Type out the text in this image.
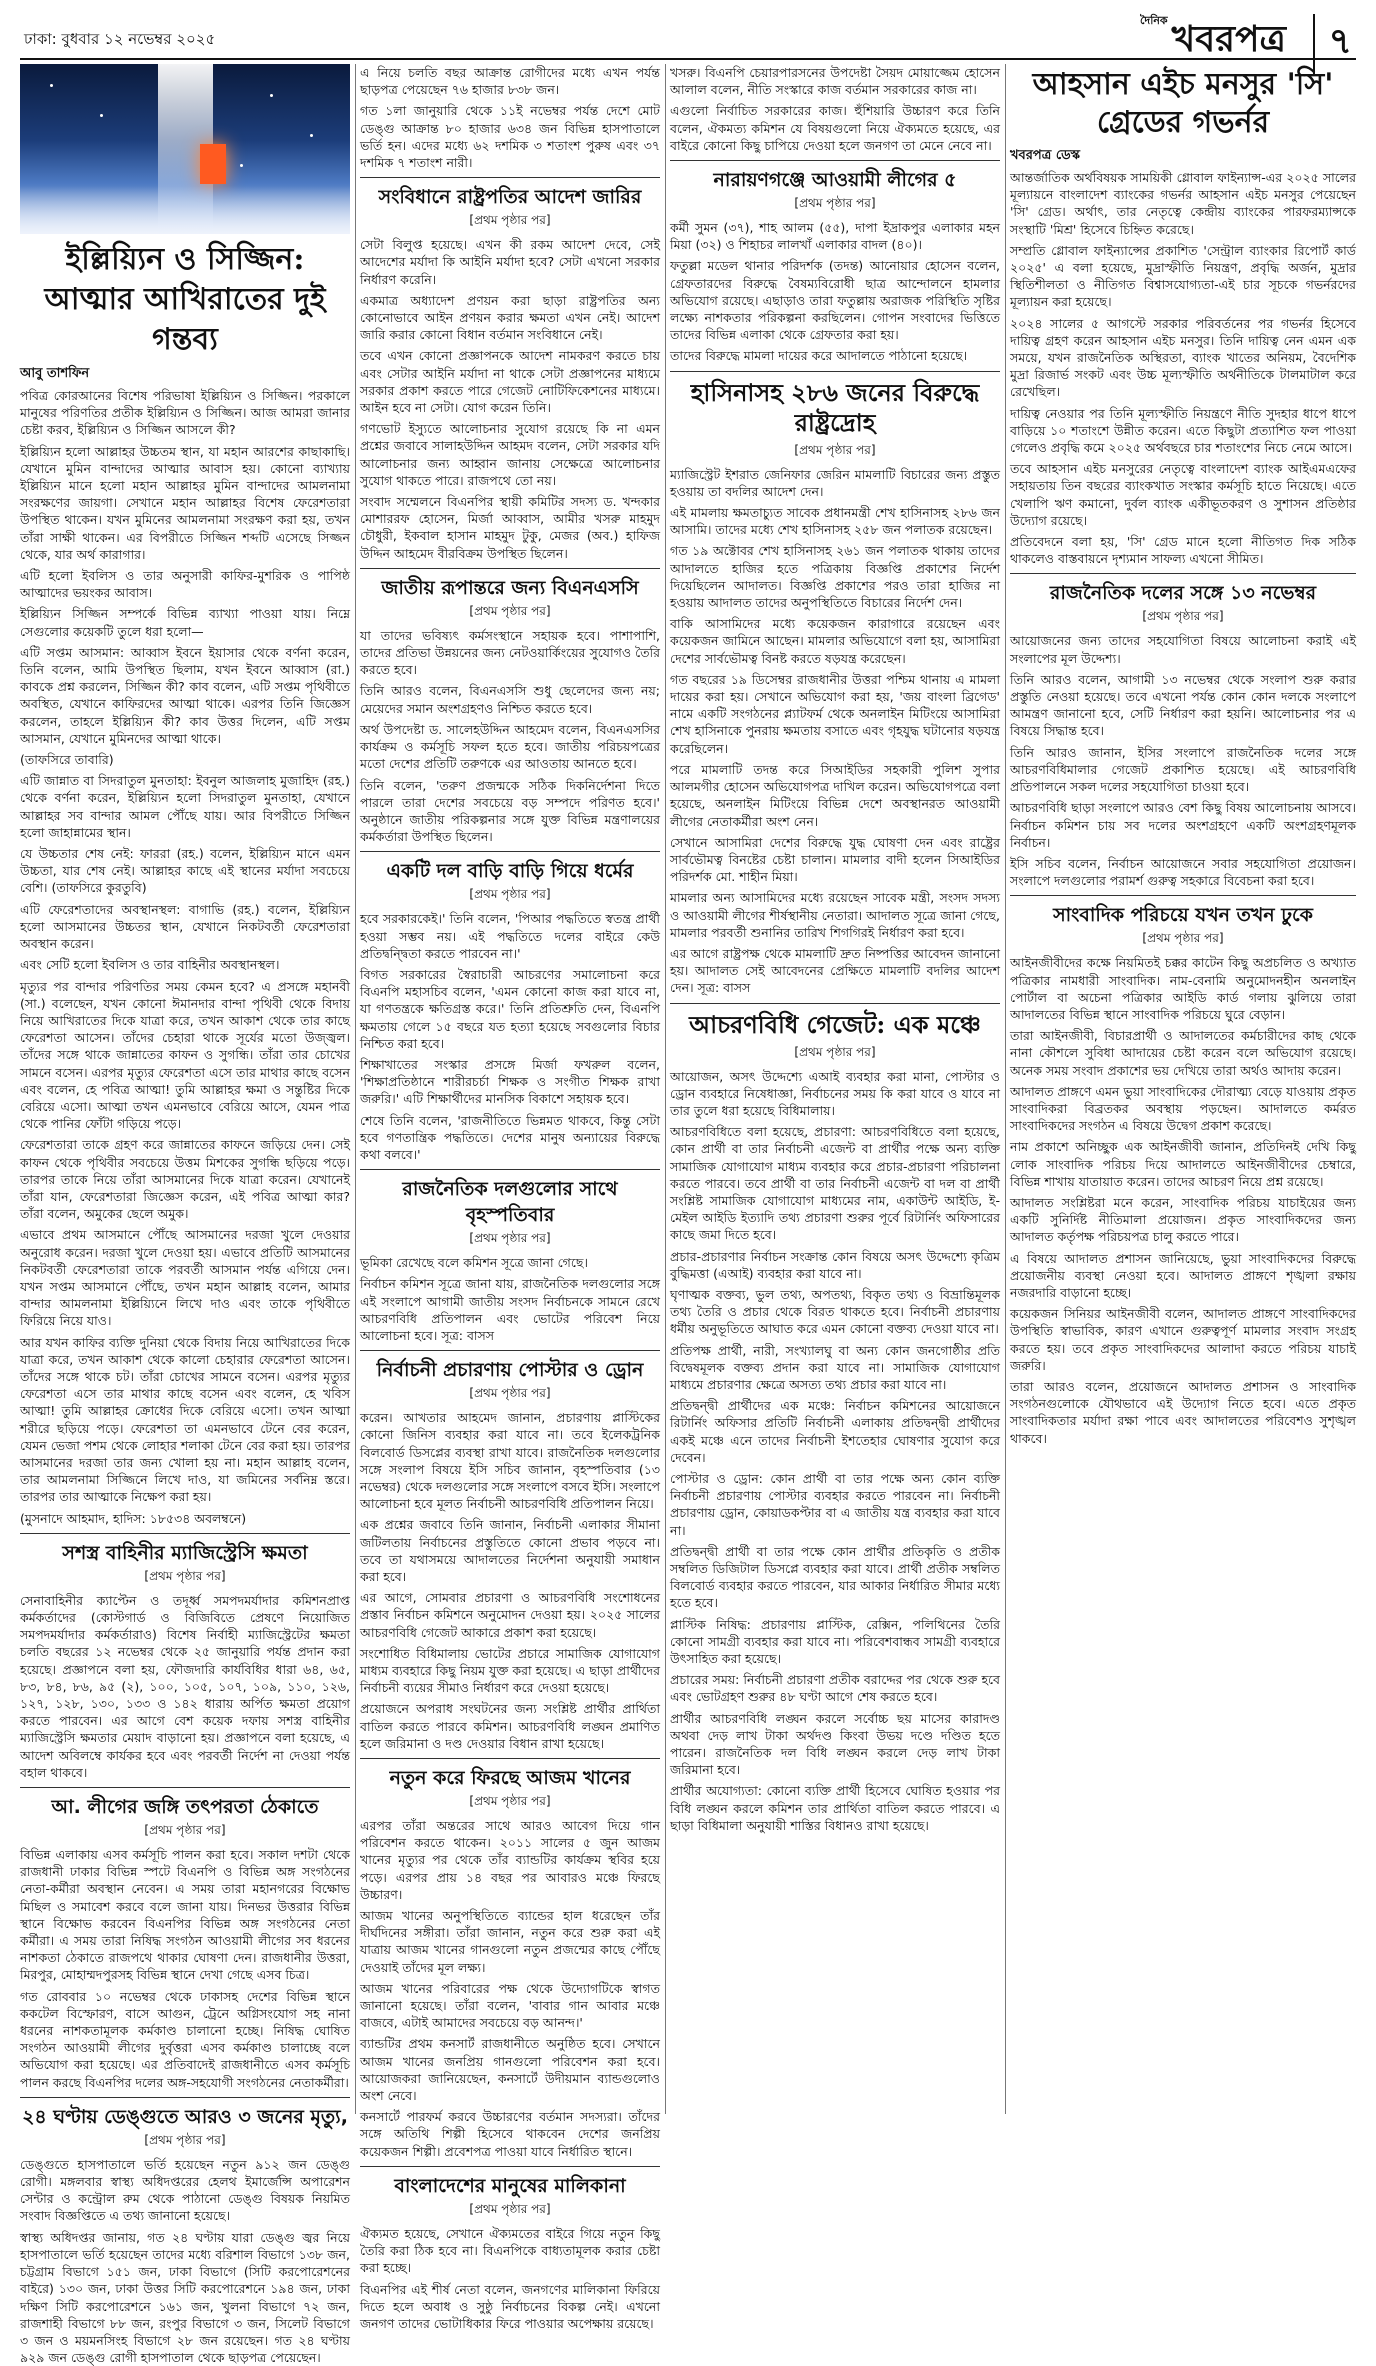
ঢাকা: বুধবার ১২ নভেম্বর ২০২৫
$^{দৈনিক}$ খবরপত্র	৭
ইল্লিয়্যিন ও সিজ্জিন: আত্মার আখিরাতের দুই গন্তব্য
আবু তাশফিন

পবিত্র কোরআনের বিশেষ পরিভাষা ইল্লিয়্যিন ও সিজ্জিন। পরকালে মানুষের পরিণতির প্রতীক ইল্লিয়্যিন ও সিজ্জিন। আজ আমরা জানার চেষ্টা করব, ইল্লিয়্যিন ও সিজ্জিন আসলে কী?

ইল্লিয়্যিন হলো আল্লাহর উচ্চতম স্থান, যা মহান আরশের কাছাকাছি। যেখানে মুমিন বান্দাদের আত্মার আবাস হয়। কোনো ব্যাখ্যায় ইল্লিয়্যিন মানে হলো মহান আল্লাহর মুমিন বান্দাদের আমলনামা সংরক্ষণের জায়গা। সেখানে মহান আল্লাহর বিশেষ ফেরেশতারা উপস্থিত থাকেন। যখন মুমিনের আমলনামা সংরক্ষণ করা হয়, তখন তাঁরা সাক্ষী থাকেন। এর বিপরীতে সিজ্জিন শব্দটি এসেছে সিজ্জন থেকে, যার অর্থ কারাগার।

এটি হলো ইবলিস ও তার অনুসারী কাফির-মুশরিক ও পাপিষ্ঠ আত্মাদের ভয়ংকর আবাস।

ইল্লিয়্যিন সিজ্জিন সম্পর্কে বিভিন্ন ব্যাখ্যা পাওয়া যায়। নিম্নে সেগুলোর কয়েকটি তুলে ধরা হলো—

এটি সপ্তম আসমান: আব্বাস ইবনে ইয়াসার থেকে বর্ণনা করেন, তিনি বলেন, আমি উপস্থিত ছিলাম, যখন ইবনে আব্বাস (রা.) কাবকে প্রশ্ন করলেন, সিজ্জিন কী? কাব বলেন, এটি সপ্তম পৃথিবীতে অবস্থিত, যেখানে কাফিরদের আত্মা থাকে। এরপর তিনি জিজ্ঞেস করলেন, তাহলে ইল্লিয়্যিন কী? কাব উত্তর দিলেন, এটি সপ্তম আসমান, যেখানে মুমিনদের আত্মা থাকে।

(তাফসিরে তাবারি)

এটি জান্নাত বা সিদরাতুল মুনতাহা: ইবনুল আজলাহ মুজাহিদ (রহ.) থেকে বর্ণনা করেন, ইল্লিয়্যিন হলো সিদরাতুল মুনতাহা, যেখানে আল্লাহর সব বান্দার আমল পৌঁছে যায়। আর বিপরীতে সিজ্জিন হলো জাহান্নামের স্থান।

যে উচ্চতার শেষ নেই: ফাররা (রহ.) বলেন, ইল্লিয়্যিন মানে এমন উচ্চতা, যার শেষ নেই। আল্লাহর কাছে এই স্থানের মর্যাদা সবচেয়ে বেশি। (তাফসিরে কুরতুবি)

এটি ফেরেশতাদের অবস্থানস্থল: বাগাভি (রহ.) বলেন, ইল্লিয়্যিন হলো আসমানের উচ্চতর স্থান, যেখানে নিকটবর্তী ফেরেশতারা অবস্থান করেন।

এবং সেটি হলো ইবলিস ও তার বাহিনীর অবস্থানস্থল।

মৃত্যুর পর বান্দার পরিণতির সময় কেমন হবে? এ প্রসঙ্গে মহানবী (সা.) বলেছেন, যখন কোনো ঈমানদার বান্দা পৃথিবী থেকে বিদায় নিয়ে আখিরাতের দিকে যাত্রা করে, তখন আকাশ থেকে তার কাছে ফেরেশতা আসেন। তাঁদের চেহারা থাকে সূর্যের মতো উজ্জ্বল। তাঁদের সঙ্গে থাকে জান্নাতের কাফন ও সুগন্ধি। তাঁরা তার চোখের সামনে বসেন। এরপর মৃত্যুর ফেরেশতা এসে তার মাথার কাছে বসেন এবং বলেন, হে পবিত্র আত্মা! তুমি আল্লাহর ক্ষমা ও সন্তুষ্টির দিকে বেরিয়ে এসো। আত্মা তখন এমনভাবে বেরিয়ে আসে, যেমন পাত্র থেকে পানির ফোঁটা গড়িয়ে পড়ে।

ফেরেশতারা তাকে গ্রহণ করে জান্নাতের কাফনে জড়িয়ে দেন। সেই কাফন থেকে পৃথিবীর সবচেয়ে উত্তম মিশকের সুগন্ধি ছড়িয়ে পড়ে। তারপর তাকে নিয়ে তাঁরা আসমানের দিকে যাত্রা করেন। যেখানেই তাঁরা যান, ফেরেশতারা জিজ্ঞেস করেন, এই পবিত্র আত্মা কার? তাঁরা বলেন, অমুকের ছেলে অমুক।

এভাবে প্রথম আসমানে পৌঁছে আসমানের দরজা খুলে দেওয়ার অনুরোধ করেন। দরজা খুলে দেওয়া হয়। এভাবে প্রতিটি আসমানের নিকটবর্তী ফেরেশতারা তাকে পরবর্তী আসমান পর্যন্ত এগিয়ে দেন। যখন সপ্তম আসমানে পৌঁছে, তখন মহান আল্লাহ বলেন, আমার বান্দার আমলনামা ইল্লিয়্যিনে লিখে দাও এবং তাকে পৃথিবীতে ফিরিয়ে নিয়ে যাও।

আর যখন কাফির ব্যক্তি দুনিয়া থেকে বিদায় নিয়ে আখিরাতের দিকে যাত্রা করে, তখন আকাশ থেকে কালো চেহারার ফেরেশতা আসেন। তাঁদের সঙ্গে থাকে চট। তাঁরা চোখের সামনে বসেন। এরপর মৃত্যুর ফেরেশতা এসে তার মাথার কাছে বসেন এবং বলেন, হে খবিস আত্মা! তুমি আল্লাহর ক্রোধের দিকে বেরিয়ে এসো। তখন আত্মা শরীরে ছড়িয়ে পড়ে। ফেরেশতা তা এমনভাবে টেনে বের করেন, যেমন ভেজা পশম থেকে লোহার শলাকা টেনে বের করা হয়। তারপর আসমানের দরজা তার জন্য খোলা হয় না। মহান আল্লাহ বলেন, তার আমলনামা সিজ্জিনে লিখে দাও, যা জমিনের সর্বনিম্ন স্তরে। তারপর তার আত্মাকে নিক্ষেপ করা হয়।

(মুসনাদে আহমাদ, হাদিস: ১৮৫৩৪ অবলম্বনে)

সশস্ত্র বাহিনীর ম্যাজিস্ট্রেসি ক্ষমতা
[প্রথম পৃষ্ঠার পর]

সেনাবাহিনীর ক্যাপ্টেন ও তদূর্ধ্ব সমপদমর্যাদার কমিশনপ্রাপ্ত কর্মকর্তাদের (কোস্টগার্ড ও বিজিবিতে প্রেষণে নিয়োজিত সমপদমর্যাদার কর্মকর্তারাও) বিশেষ নির্বাহী ম্যাজিস্ট্রেটের ক্ষমতা চলতি বছরের ১২ নভেম্বর থেকে ২৫ জানুয়ারি পর্যন্ত প্রদান করা হয়েছে। প্রজ্ঞাপনে বলা হয়, ফৌজদারি কার্যবিধির ধারা ৬৪, ৬৫, ৮৩, ৮৪, ৮৬, ৯৫ (২), ১০০, ১০৫, ১০৭, ১০৯, ১১০, ১২৬, ১২৭, ১২৮, ১৩০, ১৩৩ ও ১৪২ ধারায় অর্পিত ক্ষমতা প্রয়োগ করতে পারবেন। এর আগে বেশ কয়েক দফায় সশস্ত্র বাহিনীর ম্যাজিস্ট্রেসি ক্ষমতার মেয়াদ বাড়ানো হয়। প্রজ্ঞাপনে বলা হয়েছে, এ আদেশ অবিলম্বে কার্যকর হবে এবং পরবর্তী নির্দেশ না দেওয়া পর্যন্ত বহাল থাকবে।

আ. লীগের জঙ্গি তৎপরতা ঠেকাতে
[প্রথম পৃষ্ঠার পর]

বিভিন্ন এলাকায় এসব কর্মসূচি পালন করা হবে। সকাল দশটা থেকে রাজধানী ঢাকার বিভিন্ন স্পটে বিএনপি ও বিভিন্ন অঙ্গ সংগঠনের নেতা-কর্মীরা অবস্থান নেবেন। এ সময় তারা মহানগরের বিক্ষোভ মিছিল ও সমাবেশ করবে বলে জানা যায়। দিনভর উত্তরার বিভিন্ন স্থানে বিক্ষোভ করবেন বিএনপির বিভিন্ন অঙ্গ সংগঠনের নেতা কর্মীরা। এ সময় তারা নিষিদ্ধ সংগঠন আওয়ামী লীগের সব ধরনের নাশকতা ঠেকাতে রাজপথে থাকার ঘোষণা দেন। রাজধানীর উত্তরা, মিরপুর, মোহাম্মদপুরসহ বিভিন্ন স্থানে দেখা গেছে এসব চিত্র।

গত রোববার ১০ নভেম্বর থেকে ঢাকাসহ দেশের বিভিন্ন স্থানে ককটেল বিস্ফোরণ, বাসে আগুন, ট্রেনে অগ্নিসংযোগ সহ নানা ধরনের নাশকতামূলক কর্মকাণ্ড চালানো হচ্ছে। নিষিদ্ধ ঘোষিত সংগঠন আওয়ামী লীগের দুর্বৃত্তরা এসব কর্মকাণ্ড চালাচ্ছে বলে অভিযোগ করা হয়েছে। এর প্রতিবাদেই রাজধানীতে এসব কর্মসূচি পালন করছে বিএনপির দলের অঙ্গ-সহযোগী সংগঠনের নেতাকর্মীরা।

২৪ ঘণ্টায় ডেঙ্গুতে আরও ৩ জনের মৃত্যু,
[প্রথম পৃষ্ঠার পর]

ডেঙ্গুতে হাসপাতালে ভর্তি হয়েছেন নতুন ৯১২ জন ডেঙ্গু রোগী। মঙ্গলবার স্বাস্থ্য অধিদপ্তরের হেলথ ইমার্জেন্সি অপারেশন সেন্টার ও কন্ট্রোল রুম থেকে পাঠানো ডেঙ্গু বিষয়ক নিয়মিত সংবাদ বিজ্ঞপ্তিতে এ তথ্য জানানো হয়েছে।

স্বাস্থ্য অধিদপ্তর জানায়, গত ২৪ ঘণ্টায় যারা ডেঙ্গু জ্বর নিয়ে হাসপাতালে ভর্তি হয়েছেন তাদের মধ্যে বরিশাল বিভাগে ১৩৮ জন, চট্টগ্রাম বিভাগে ১৫১ জন, ঢাকা বিভাগে (সিটি করপোরেশনের বাইরে) ১৩০ জন, ঢাকা উত্তর সিটি করপোরেশনে ১৯৪ জন, ঢাকা দক্ষিণ সিটি করপোরেশনে ১৬১ জন, খুলনা বিভাগে ৭২ জন, রাজশাহী বিভাগে ৮৮ জন, রংপুর বিভাগে ৩ জন, সিলেট বিভাগে ৩ জন ও ময়মনসিংহ বিভাগে ২৮ জন রয়েছেন। গত ২৪ ঘণ্টায় ৯২৯ জন ডেঙ্গু রোগী হাসপাতাল থেকে ছাড়পত্র পেয়েছেন।

এ নিয়ে চলতি বছর আক্রান্ত রোগীদের মধ্যে এখন পর্যন্ত ছাড়পত্র পেয়েছেন ৭৬ হাজার ৮৩৮ জন।

গত ১লা জানুয়ারি থেকে ১১ই নভেম্বর পর্যন্ত দেশে মোট ডেঙ্গু আক্রান্ত ৮০ হাজার ৬৩৪ জন বিভিন্ন হাসপাতালে ভর্তি হন। এদের মধ্যে ৬২ দশমিক ৩ শতাংশ পুরুষ এবং ৩৭ দশমিক ৭ শতাংশ নারী।

সংবিধানে রাষ্ট্রপতির আদেশ জারির
[প্রথম পৃষ্ঠার পর]

সেটা বিলুপ্ত হয়েছে। এখন কী রকম আদেশ দেবে, সেই আদেশের মর্যাদা কি আইনি মর্যাদা হবে? সেটা এখনো সরকার নির্ধারণ করেনি।

একমাত্র অধ্যাদেশ প্রণয়ন করা ছাড়া রাষ্ট্রপতির অন্য কোনোভাবে আইন প্রণয়ন করার ক্ষমতা এখন নেই। আদেশ জারি করার কোনো বিধান বর্তমান সংবিধানে নেই।

তবে এখন কোনো প্রজ্ঞাপনকে আদেশ নামকরণ করতে চায় এবং সেটার আইনি মর্যাদা না থাকে সেটা প্রজ্ঞাপনের মাধ্যমে সরকার প্রকাশ করতে পারে গেজেট নোটিফিকেশনের মাধ্যমে। আইন হবে না সেটা। যোগ করেন তিনি।

গণভোট ইস্যুতে আলোচনার সুযোগ রয়েছে কি না এমন প্রশ্নের জবাবে সালাহউদ্দিন আহমদ বলেন, সেটা সরকার যদি আলোচনার জন্য আহ্বান জানায় সেক্ষেত্রে আলোচনার সুযোগ থাকতে পারে। রাজপথে তো নয়।

সংবাদ সম্মেলনে বিএনপির স্থায়ী কমিটির সদস্য ড. খন্দকার মোশাররফ হোসেন, মির্জা আব্বাস, আমীর খসরু মাহমুদ চৌধুরী, ইকবাল হাসান মাহমুদ টুকু, মেজর (অব.) হাফিজ উদ্দিন আহমেদ বীরবিক্রম উপস্থিত ছিলেন।

জাতীয় রূপান্তরে জন্য বিএনএসসি
[প্রথম পৃষ্ঠার পর]

যা তাদের ভবিষ্যৎ কর্মসংস্থানে সহায়ক হবে। পাশাপাশি, তাদের প্রতিভা উন্নয়নের জন্য নেটওয়ার্কিংয়ের সুযোগও তৈরি করতে হবে।

তিনি আরও বলেন, বিএনএসসি শুধু ছেলেদের জন্য নয়; মেয়েদের সমান অংশগ্রহণও নিশ্চিত করতে হবে।

অর্থ উপদেষ্টা ড. সালেহউদ্দিন আহমেদ বলেন, বিএনএসসির কার্যক্রম ও কর্মসূচি সফল হতে হবে। জাতীয় পরিচয়পত্রের মতো দেশের প্রতিটি তরুণকে এর আওতায় আনতে হবে।

তিনি বলেন, 'তরুণ প্রজন্মকে সঠিক দিকনির্দেশনা দিতে পারলে তারা দেশের সবচেয়ে বড় সম্পদে পরিণত হবে।' অনুষ্ঠানে জাতীয় পরিকল্পনার সঙ্গে যুক্ত বিভিন্ন মন্ত্রণালয়ের কর্মকর্তারা উপস্থিত ছিলেন।

একটি দল বাড়ি বাড়ি গিয়ে ধর্মের
[প্রথম পৃষ্ঠার পর]

হবে সরকারকেই।' তিনি বলেন, 'পিআর পদ্ধতিতে স্বতন্ত্র প্রার্থী হওয়া সম্ভব নয়। এই পদ্ধতিতে দলের বাইরে কেউ প্রতিদ্বন্দ্বিতা করতে পারবেন না।'

বিগত সরকারের স্বৈরাচারী আচরণের সমালোচনা করে বিএনপি মহাসচিব বলেন, 'এমন কোনো কাজ করা যাবে না, যা গণতন্ত্রকে ক্ষতিগ্রস্ত করে।' তিনি প্রতিশ্রুতি দেন, বিএনপি ক্ষমতায় গেলে ১৫ বছরে যত হত্যা হয়েছে সবগুলোর বিচার নিশ্চিত করা হবে।

শিক্ষাখাতের সংস্কার প্রসঙ্গে মির্জা ফখরুল বলেন, 'শিক্ষাপ্রতিষ্ঠানে শারীরচর্চা শিক্ষক ও সংগীত শিক্ষক রাখা জরুরি।' এটি শিক্ষার্থীদের মানসিক বিকাশে সহায়ক হবে।

শেষে তিনি বলেন, 'রাজনীতিতে ভিন্নমত থাকবে, কিন্তু সেটা হবে গণতান্ত্রিক পদ্ধতিতে। দেশের মানুষ অন্যায়ের বিরুদ্ধে কথা বলবে।'

রাজনৈতিক দলগুলোর সাথে বৃহস্পতিবার
[প্রথম পৃষ্ঠার পর]

ভূমিকা রেখেছে বলে কমিশন সূত্রে জানা গেছে।

নির্বাচন কমিশন সূত্রে জানা যায়, রাজনৈতিক দলগুলোর সঙ্গে এই সংলাপে আগামী জাতীয় সংসদ নির্বাচনকে সামনে রেখে আচরণবিধি প্রতিপালন এবং ভোটের পরিবেশ নিয়ে আলোচনা হবে। সূত্র: বাসস

নির্বাচনী প্রচারণায় পোস্টার ও ড্রোন
[প্রথম পৃষ্ঠার পর]

করেন। আখতার আহমেদ জানান, প্রচারণায় প্লাস্টিকের কোনো জিনিস ব্যবহার করা যাবে না। তবে ইলেকট্রনিক বিলবোর্ড ডিসপ্লের ব্যবস্থা রাখা যাবে। রাজনৈতিক দলগুলোর সঙ্গে সংলাপ বিষয়ে ইসি সচিব জানান, বৃহস্পতিবার (১৩ নভেম্বর) থেকে দলগুলোর সঙ্গে সংলাপে বসবে ইসি। সংলাপে আলোচনা হবে মূলত নির্বাচনী আচরণবিধি প্রতিপালন নিয়ে।

এক প্রশ্নের জবাবে তিনি জানান, নির্বাচনী এলাকার সীমানা জটিলতায় নির্বাচনের প্রস্তুতিতে কোনো প্রভাব পড়বে না। তবে তা যথাসময়ে আদালতের নির্দেশনা অনুযায়ী সমাধান করা হবে।

এর আগে, সোমবার প্রচারণা ও আচরণবিধি সংশোধনের প্রস্তাব নির্বাচন কমিশনে অনুমোদন দেওয়া হয়। ২০২৫ সালের আচরণবিধি গেজেট আকারে প্রকাশ করা হয়েছে।

সংশোধিত বিধিমালায় ভোটের প্রচারে সামাজিক যোগাযোগ মাধ্যম ব্যবহারে কিছু নিয়ম যুক্ত করা হয়েছে। এ ছাড়া প্রার্থীদের নির্বাচনী ব্যয়ের সীমাও নির্ধারণ করে দেওয়া হয়েছে।

প্রয়োজনে অপরাধ সংঘটনের জন্য সংশ্লিষ্ট প্রার্থীর প্রার্থিতা বাতিল করতে পারবে কমিশন। আচরণবিধি লঙ্ঘন প্রমাণিত হলে জরিমানা ও দণ্ড দেওয়ার বিধান রাখা হয়েছে।

নতুন করে ফিরছে আজম খানের
[প্রথম পৃষ্ঠার পর]

এরপর তাঁরা অন্তরের সাথে আরও আবেগ দিয়ে গান পরিবেশন করতে থাকেন। ২০১১ সালের ৫ জুন আজম খানের মৃত্যুর পর থেকে তাঁর ব্যান্ডটির কার্যক্রম স্থবির হয়ে পড়ে। এরপর প্রায় ১৪ বছর পর আবারও মঞ্চে ফিরছে উচ্চারণ।

আজম খানের অনুপস্থিতিতে ব্যান্ডের হাল ধরেছেন তাঁর দীর্ঘদিনের সঙ্গীরা। তাঁরা জানান, নতুন করে শুরু করা এই যাত্রায় আজম খানের গানগুলো নতুন প্রজন্মের কাছে পৌঁছে দেওয়াই তাঁদের মূল লক্ষ্য।

আজম খানের পরিবারের পক্ষ থেকে উদ্যোগটিকে স্বাগত জানানো হয়েছে। তাঁরা বলেন, 'বাবার গান আবার মঞ্চে বাজবে, এটাই আমাদের সবচেয়ে বড় আনন্দ।'

ব্যান্ডটির প্রথম কনসার্ট রাজধানীতে অনুষ্ঠিত হবে। সেখানে আজম খানের জনপ্রিয় গানগুলো পরিবেশন করা হবে। আয়োজকরা জানিয়েছেন, কনসার্টে উদীয়মান ব্যান্ডগুলোও অংশ নেবে।

কনসার্টে পারফর্ম করবে উচ্চারণের বর্তমান সদস্যরা। তাঁদের সঙ্গে অতিথি শিল্পী হিসেবে থাকবেন দেশের জনপ্রিয় কয়েকজন শিল্পী। প্রবেশপত্র পাওয়া যাবে নির্ধারিত স্থানে।

বাংলাদেশের মানুষের মালিকানা
[প্রথম পৃষ্ঠার পর]

ঐক্যমত হয়েছে, সেখানে ঐক্যমতের বাইরে গিয়ে নতুন কিছু তৈরি করা ঠিক হবে না। বিএনপিকে বাধ্যতামূলক করার চেষ্টা করা হচ্ছে।

বিএনপির এই শীর্ষ নেতা বলেন, জনগণের মালিকানা ফিরিয়ে দিতে হলে অবাধ ও সুষ্ঠু নির্বাচনের বিকল্প নেই। এখনো জনগণ তাদের ভোটাধিকার ফিরে পাওয়ার অপেক্ষায় রয়েছে।

খসরু। বিএনপি চেয়ারপারসনের উপদেষ্টা সৈয়দ মোয়াজ্জেম হোসেন আলাল বলেন, নীতি সংস্কারে কাজ বর্তমান সরকারের কাজ না।

এগুলো নির্বাচিত সরকারের কাজ। হুঁশিয়ারি উচ্চারণ করে তিনি বলেন, ঐকমত্য কমিশন যে বিষয়গুলো নিয়ে ঐক্যমতে হয়েছে, এর বাইরে কোনো কিছু চাপিয়ে দেওয়া হলে জনগণ তা মেনে নেবে না।

নারায়ণগঞ্জে আওয়ামী লীগের ৫
[প্রথম পৃষ্ঠার পর]

কর্মী সুমন (৩৭), শাহ আলম (৫৫), দাপা ইদ্রাকপুর এলাকার মহন মিয়া (৩২) ও শিহাচর লালখাঁ এলাকার বাদল (৪০)।

ফতুল্লা মডেল থানার পরিদর্শক (তদন্ত) আনোয়ার হোসেন বলেন, গ্রেফতারদের বিরুদ্ধে বৈষম্যবিরোধী ছাত্র আন্দোলনে হামলার অভিযোগ রয়েছে। এছাড়াও তারা ফতুল্লায় অরাজক পরিস্থিতি সৃষ্টির লক্ষ্যে নাশকতার পরিকল্পনা করছিলেন। গোপন সংবাদের ভিত্তিতে তাদের বিভিন্ন এলাকা থেকে গ্রেফতার করা হয়।

তাদের বিরুদ্ধে মামলা দায়ের করে আদালতে পাঠানো হয়েছে।

হাসিনাসহ ২৮৬ জনের বিরুদ্ধে রাষ্ট্রদ্রোহ
[প্রথম পৃষ্ঠার পর]

ম্যাজিস্ট্রেট ইশরাত জেনিফার জেরিন মামলাটি বিচারের জন্য প্রস্তুত হওয়ায় তা বদলির আদেশ দেন।

এই মামলায় ক্ষমতাচ্যুত সাবেক প্রধানমন্ত্রী শেখ হাসিনাসহ ২৮৬ জন আসামি। তাদের মধ্যে শেখ হাসিনাসহ ২৫৮ জন পলাতক রয়েছেন।

গত ১৯ অক্টোবর শেখ হাসিনাসহ ২৬১ জন পলাতক থাকায় তাদের আদালতে হাজির হতে পত্রিকায় বিজ্ঞপ্তি প্রকাশের নির্দেশ দিয়েছিলেন আদালত। বিজ্ঞপ্তি প্রকাশের পরও তারা হাজির না হওয়ায় আদালত তাদের অনুপস্থিতিতে বিচারের নির্দেশ দেন।

বাকি আসামিদের মধ্যে কয়েকজন কারাগারে রয়েছেন এবং কয়েকজন জামিনে আছেন। মামলার অভিযোগে বলা হয়, আসামিরা দেশের সার্বভৌমত্ব বিনষ্ট করতে ষড়যন্ত্র করেছেন।

গত বছরের ১৯ ডিসেম্বর রাজধানীর উত্তরা পশ্চিম থানায় এ মামলা দায়ের করা হয়। সেখানে অভিযোগ করা হয়, 'জয় বাংলা ব্রিগেড' নামে একটি সংগঠনের প্ল্যাটফর্ম থেকে অনলাইন মিটিংয়ে আসামিরা শেখ হাসিনাকে পুনরায় ক্ষমতায় বসাতে এবং গৃহযুদ্ধ ঘটানোর ষড়যন্ত্র করেছিলেন।

পরে মামলাটি তদন্ত করে সিআইডির সহকারী পুলিশ সুপার আলমগীর হোসেন অভিযোগপত্র দাখিল করেন। অভিযোগপত্রে বলা হয়েছে, অনলাইন মিটিংয়ে বিভিন্ন দেশে অবস্থানরত আওয়ামী লীগের নেতাকর্মীরা অংশ নেন।

সেখানে আসামিরা দেশের বিরুদ্ধে যুদ্ধ ঘোষণা দেন এবং রাষ্ট্রের সার্বভৌমত্ব বিনষ্টের চেষ্টা চালান। মামলার বাদী হলেন সিআইডির পরিদর্শক মো. শাহীন মিয়া।

মামলার অন্য আসামিদের মধ্যে রয়েছেন সাবেক মন্ত্রী, সংসদ সদস্য ও আওয়ামী লীগের শীর্ষস্থানীয় নেতারা। আদালত সূত্রে জানা গেছে, মামলার পরবর্তী শুনানির তারিখ শিগগিরই নির্ধারণ করা হবে।

এর আগে রাষ্ট্রপক্ষ থেকে মামলাটি দ্রুত নিষ্পত্তির আবেদন জানানো হয়। আদালত সেই আবেদনের প্রেক্ষিতে মামলাটি বদলির আদেশ দেন। সূত্র: বাসস

আচরণবিধি গেজেট: এক মঞ্চে
[প্রথম পৃষ্ঠার পর]

আয়োজন, অসৎ উদ্দেশ্যে এআই ব্যবহার করা মানা, পোস্টার ও ড্রোন ব্যবহারে নিষেধাজ্ঞা, নির্বাচনের সময় কি করা যাবে ও যাবে না তার তুলে ধরা হয়েছে বিধিমালায়।

আচরণবিধিতে বলা হয়েছে, প্রচারণা: আচরণবিধিতে বলা হয়েছে, কোন প্রার্থী বা তার নির্বাচনী এজেন্ট বা প্রার্থীর পক্ষে অন্য ব্যক্তি সামাজিক যোগাযোগ মাধ্যম ব্যবহার করে প্রচার-প্রচারণা পরিচালনা করতে পারবে। তবে প্রার্থী বা তার নির্বাচনী এজেন্ট বা দল বা প্রার্থী সংশ্লিষ্ট সামাজিক যোগাযোগ মাধ্যমের নাম, একাউন্ট আইডি, ই-মেইল আইডি ইত্যাদি তথ্য প্রচারণা শুরুর পূর্বে রিটার্নিং অফিসারের কাছে জমা দিতে হবে।

প্রচার-প্রচারণার নির্বাচন সংক্রান্ত কোন বিষয়ে অসৎ উদ্দেশ্যে কৃত্রিম বুদ্ধিমত্তা (এআই) ব্যবহার করা যাবে না।

ঘৃণাত্মক বক্তব্য, ভুল তথ্য, অপতথ্য, বিকৃত তথ্য ও বিভ্রান্তিমূলক তথ্য তৈরি ও প্রচার থেকে বিরত থাকতে হবে। নির্বাচনী প্রচারণায় ধর্মীয় অনুভূতিতে আঘাত করে এমন কোনো বক্তব্য দেওয়া যাবে না।

প্রতিপক্ষ প্রার্থী, নারী, সংখ্যালঘু বা অন্য কোন জনগোষ্ঠীর প্রতি বিদ্বেষমূলক বক্তব্য প্রদান করা যাবে না। সামাজিক যোগাযোগ মাধ্যমে প্রচারণার ক্ষেত্রে অসত্য তথ্য প্রচার করা যাবে না।

প্রতিদ্বন্দ্বী প্রার্থীদের এক মঞ্চে: নির্বাচন কমিশনের আয়োজনে রিটার্নিং অফিসার প্রতিটি নির্বাচনী এলাকায় প্রতিদ্বন্দ্বী প্রার্থীদের একই মঞ্চে এনে তাদের নির্বাচনী ইশতেহার ঘোষণার সুযোগ করে দেবেন।

পোস্টার ও ড্রোন: কোন প্রার্থী বা তার পক্ষে অন্য কোন ব্যক্তি নির্বাচনী প্রচারণায় পোস্টার ব্যবহার করতে পারবেন না। নির্বাচনী প্রচারণায় ড্রোন, কোয়াডকপ্টার বা এ জাতীয় যন্ত্র ব্যবহার করা যাবে না।

প্রতিদ্বন্দ্বী প্রার্থী বা তার পক্ষে কোন প্রার্থীর প্রতিকৃতি ও প্রতীক সম্বলিত ডিজিটাল ডিসপ্লে ব্যবহার করা যাবে। প্রার্থী প্রতীক সম্বলিত বিলবোর্ড ব্যবহার করতে পারবেন, যার আকার নির্ধারিত সীমার মধ্যে হতে হবে।

প্লাস্টিক নিষিদ্ধ: প্রচারণায় প্লাস্টিক, রেক্সিন, পলিথিনের তৈরি কোনো সামগ্রী ব্যবহার করা যাবে না। পরিবেশবান্ধব সামগ্রী ব্যবহারে উৎসাহিত করা হয়েছে।

প্রচারের সময়: নির্বাচনী প্রচারণা প্রতীক বরাদ্দের পর থেকে শুরু হবে এবং ভোটগ্রহণ শুরুর ৪৮ ঘণ্টা আগে শেষ করতে হবে।

প্রার্থীর আচরণবিধি লঙ্ঘন করলে সর্বোচ্চ ছয় মাসের কারাদণ্ড অথবা দেড় লাখ টাকা অর্থদণ্ড কিংবা উভয় দণ্ডে দণ্ডিত হতে পারেন। রাজনৈতিক দল বিধি লঙ্ঘন করলে দেড় লাখ টাকা জরিমানা হবে।

প্রার্থীর অযোগ্যতা: কোনো ব্যক্তি প্রার্থী হিসেবে ঘোষিত হওয়ার পর বিধি লঙ্ঘন করলে কমিশন তার প্রার্থিতা বাতিল করতে পারবে। এ ছাড়া বিধিমালা অনুযায়ী শাস্তির বিধানও রাখা হয়েছে।

আহসান এইচ মনসুর 'সি' গ্রেডের গভর্নর
খবরপত্র ডেস্ক

আন্তর্জাতিক অর্থবিষয়ক সাময়িকী গ্লোবাল ফাইন্যান্স-এর ২০২৫ সালের মূল্যায়নে বাংলাদেশ ব্যাংকের গভর্নর আহসান এইচ মনসুর পেয়েছেন 'সি' গ্রেড। অর্থাৎ, তার নেতৃত্বে কেন্দ্রীয় ব্যাংকের পারফরম্যান্সকে সংস্থাটি 'মিশ্র' হিসেবে চিহ্নিত করেছে।

সম্প্রতি গ্লোবাল ফাইন্যান্সের প্রকাশিত 'সেন্ট্রাল ব্যাংকার রিপোর্ট কার্ড ২০২৫' এ বলা হয়েছে, মুদ্রাস্ফীতি নিয়ন্ত্রণ, প্রবৃদ্ধি অর্জন, মুদ্রার স্থিতিশীলতা ও নীতিগত বিশ্বাসযোগ্যতা-এই চার সূচকে গভর্নরদের মূল্যায়ন করা হয়েছে।

২০২৪ সালের ৫ আগস্টে সরকার পরিবর্তনের পর গভর্নর হিসেবে দায়িত্ব গ্রহণ করেন আহসান এইচ মনসুর। তিনি দায়িত্ব নেন এমন এক সময়ে, যখন রাজনৈতিক অস্থিরতা, ব্যাংক খাতের অনিয়ম, বৈদেশিক মুদ্রা রিজার্ভ সংকট এবং উচ্চ মূল্যস্ফীতি অর্থনীতিকে টালমাটাল করে রেখেছিল।

দায়িত্ব নেওয়ার পর তিনি মূল্যস্ফীতি নিয়ন্ত্রণে নীতি সুদহার ধাপে ধাপে বাড়িয়ে ১০ শতাংশে উন্নীত করেন। এতে কিছুটা প্রত্যাশিত ফল পাওয়া গেলেও প্রবৃদ্ধি কমে ২০২৫ অর্থবছরে চার শতাংশের নিচে নেমে আসে।

তবে আহসান এইচ মনসুরের নেতৃত্বে বাংলাদেশ ব্যাংক আইএমএফের সহায়তায় তিন বছরের ব্যাংকখাত সংস্কার কর্মসূচি হাতে নিয়েছে। এতে খেলাপি ঋণ কমানো, দুর্বল ব্যাংক একীভূতকরণ ও সুশাসন প্রতিষ্ঠার উদ্যোগ রয়েছে।

প্রতিবেদনে বলা হয়, 'সি' গ্রেড মানে হলো নীতিগত দিক সঠিক থাকলেও বাস্তবায়নে দৃশ্যমান সাফল্য এখনো সীমিত।

রাজনৈতিক দলের সঙ্গে ১৩ নভেম্বর
[প্রথম পৃষ্ঠার পর]

আয়োজনের জন্য তাদের সহযোগিতা বিষয়ে আলোচনা করাই এই সংলাপের মূল উদ্দেশ্য।

তিনি আরও বলেন, আগামী ১৩ নভেম্বর থেকে সংলাপ শুরু করার প্রস্তুতি নেওয়া হয়েছে। তবে এখনো পর্যন্ত কোন কোন দলকে সংলাপে আমন্ত্রণ জানানো হবে, সেটি নির্ধারণ করা হয়নি। আলোচনার পর এ বিষয়ে সিদ্ধান্ত হবে।

তিনি আরও জানান, ইসির সংলাপে রাজনৈতিক দলের সঙ্গে আচরণবিধিমালার গেজেট প্রকাশিত হয়েছে। এই আচরণবিধি প্রতিপালনে সকল দলের সহযোগিতা চাওয়া হবে।

আচরণবিধি ছাড়া সংলাপে আরও বেশ কিছু বিষয় আলোচনায় আসবে। নির্বাচন কমিশন চায় সব দলের অংশগ্রহণে একটি অংশগ্রহণমূলক নির্বাচন।

ইসি সচিব বলেন, নির্বাচন আয়োজনে সবার সহযোগিতা প্রয়োজন। সংলাপে দলগুলোর পরামর্শ গুরুত্ব সহকারে বিবেচনা করা হবে।

সাংবাদিক পরিচয়ে যখন তখন ঢুকে
[প্রথম পৃষ্ঠার পর]

আইনজীবীদের কক্ষে নিয়মিতই চক্কর কাটেন কিছু অপ্রচলিত ও অখ্যাত পত্রিকার নামধারী সাংবাদিক। নাম-বেনামি অনুমোদনহীন অনলাইন পোর্টাল বা অচেনা পত্রিকার আইডি কার্ড গলায় ঝুলিয়ে তারা আদালতের বিভিন্ন স্থানে সাংবাদিক পরিচয়ে ঘুরে বেড়ান।

তারা আইনজীবী, বিচারপ্রার্থী ও আদালতের কর্মচারীদের কাছ থেকে নানা কৌশলে সুবিধা আদায়ের চেষ্টা করেন বলে অভিযোগ রয়েছে। অনেক সময় সংবাদ প্রকাশের ভয় দেখিয়ে তারা অর্থও আদায় করেন।

আদালত প্রাঙ্গণে এমন ভুয়া সাংবাদিকের দৌরাত্ম্য বেড়ে যাওয়ায় প্রকৃত সাংবাদিকরা বিব্রতকর অবস্থায় পড়ছেন। আদালতে কর্মরত সাংবাদিকদের সংগঠন এ বিষয়ে উদ্বেগ প্রকাশ করেছে।

নাম প্রকাশে অনিচ্ছুক এক আইনজীবী জানান, প্রতিদিনই দেখি কিছু লোক সাংবাদিক পরিচয় দিয়ে আদালতে আইনজীবীদের চেম্বারে, বিভিন্ন শাখায় যাতায়াত করেন। তাদের আচরণ নিয়ে প্রশ্ন রয়েছে।

আদালত সংশ্লিষ্টরা মনে করেন, সাংবাদিক পরিচয় যাচাইয়ের জন্য একটি সুনির্দিষ্ট নীতিমালা প্রয়োজন। প্রকৃত সাংবাদিকদের জন্য আদালত কর্তৃপক্ষ পরিচয়পত্র চালু করতে পারে।

এ বিষয়ে আদালত প্রশাসন জানিয়েছে, ভুয়া সাংবাদিকদের বিরুদ্ধে প্রয়োজনীয় ব্যবস্থা নেওয়া হবে। আদালত প্রাঙ্গণে শৃঙ্খলা রক্ষায় নজরদারি বাড়ানো হচ্ছে।

কয়েকজন সিনিয়র আইনজীবী বলেন, আদালত প্রাঙ্গণে সাংবাদিকদের উপস্থিতি স্বাভাবিক, কারণ এখানে গুরুত্বপূর্ণ মামলার সংবাদ সংগ্রহ করতে হয়। তবে প্রকৃত সাংবাদিকদের আলাদা করতে পরিচয় যাচাই জরুরি।

তারা আরও বলেন, প্রয়োজনে আদালত প্রশাসন ও সাংবাদিক সংগঠনগুলোকে যৌথভাবে এই উদ্যোগ নিতে হবে। এতে প্রকৃত সাংবাদিকতার মর্যাদা রক্ষা পাবে এবং আদালতের পরিবেশও সুশৃঙ্খল থাকবে।
